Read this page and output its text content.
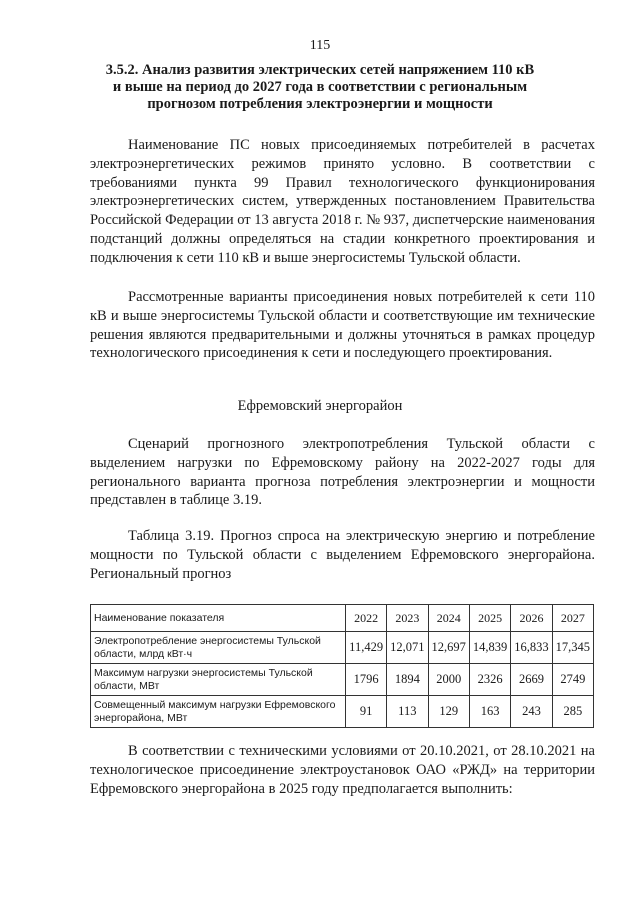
115
3.5.2. Анализ развития электрических сетей напряжением 110 кВ
и выше на период до 2027 года в соответствии с региональным
прогнозом потребления электроэнергии и мощности

Наименование ПС новых присоединяемых потребителей в расчетах электроэнергетических режимов принято условно. В соответствии с требованиями пункта 99 Правил технологического функционирования электроэнергетических систем, утвержденных постановлением Правительства Российской Федерации от 13 августа 2018 г. № 937, диспетчерские наименования подстанций должны определяться на стадии конкретного проектирования и подключения к сети 110 кВ и выше энергосистемы Тульской области.

Рассмотренные варианты присоединения новых потребителей к сети 110 кВ и выше энергосистемы Тульской области и соответствующие им технические решения являются предварительными и должны уточняться в рамках процедур технологического присоединения к сети и последующего проектирования.

Ефремовский энергорайон

Сценарий прогнозного электропотребления Тульской области с выделением нагрузки по Ефремовскому району на 2022-2027 годы для регионального варианта прогноза потребления электроэнергии и мощности представлен в таблице 3.19.

Таблица 3.19. Прогноз спроса на электрическую энергию и потребление мощности по Тульской области с выделением Ефремовского энергорайона. Региональный прогноз
Наименование показателя	2022	2023	2024	2025	2026	2027
Электропотребление энергосистемы Тульской области, млрд кВт·ч	11,429	12,071	12,697	14,839	16,833	17,345
Максимум нагрузки энергосистемы Тульской области, МВт	1796	1894	2000	2326	2669	2749
Совмещенный максимум нагрузки Ефремовского энергорайона, МВт	91	113	129	163	243	285

В соответствии с техническими условиями от 20.10.2021, от 28.10.2021 на технологическое присоединение электроустановок ОАО «РЖД» на территории Ефремовского энергорайона в 2025 году предполагается выполнить:
